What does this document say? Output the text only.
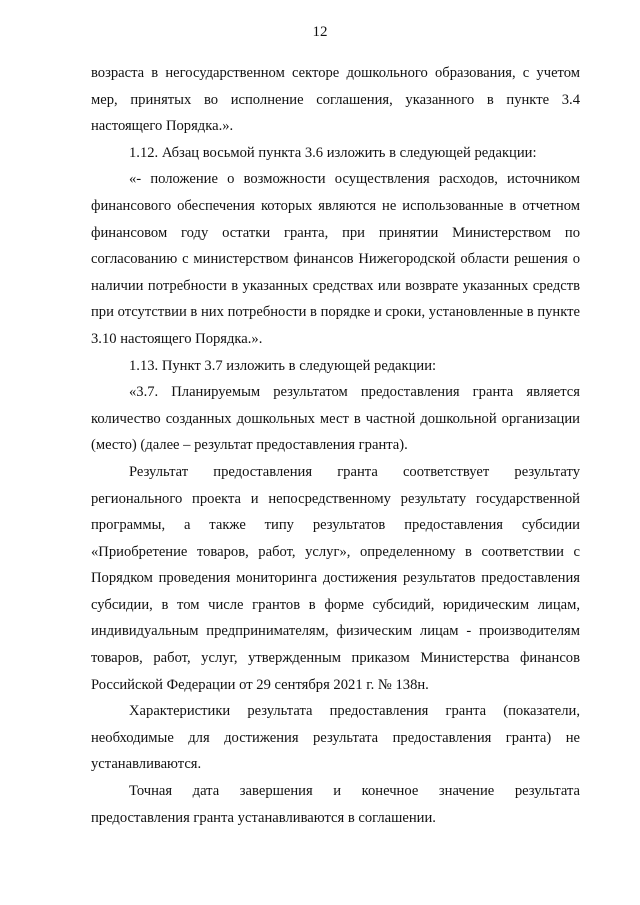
12

возраста в негосударственном секторе дошкольного образования, с учетом мер, принятых во исполнение соглашения, указанного в пункте 3.4 настоящего Порядка.».

1.12. Абзац восьмой пункта 3.6 изложить в следующей редакции:

«- положение о возможности осуществления расходов, источником финансового обеспечения которых являются не использованные в отчетном финансовом году остатки гранта, при принятии Министерством по согласованию с министерством финансов Нижегородской области решения о наличии потребности в указанных средствах или возврате указанных средств при отсутствии в них потребности в порядке и сроки, установленные в пункте 3.10 настоящего Порядка.».

1.13. Пункт 3.7 изложить в следующей редакции:

«3.7. Планируемым результатом предоставления гранта является количество созданных дошкольных мест в частной дошкольной организации (место) (далее – результат предоставления гранта).

Результат предоставления гранта соответствует результату регионального проекта и непосредственному результату государственной программы, а также типу результатов предоставления субсидии «Приобретение товаров, работ, услуг», определенному в соответствии с Порядком проведения мониторинга достижения результатов предоставления субсидии, в том числе грантов в форме субсидий, юридическим лицам, индивидуальным предпринимателям, физическим лицам - производителям товаров, работ, услуг, утвержденным приказом Министерства финансов Российской Федерации от 29 сентября 2021 г. № 138н.

Характеристики результата предоставления гранта (показатели, необходимые для достижения результата предоставления гранта) не устанавливаются.

Точная дата завершения и конечное значение результата предоставления гранта устанавливаются в соглашении.
